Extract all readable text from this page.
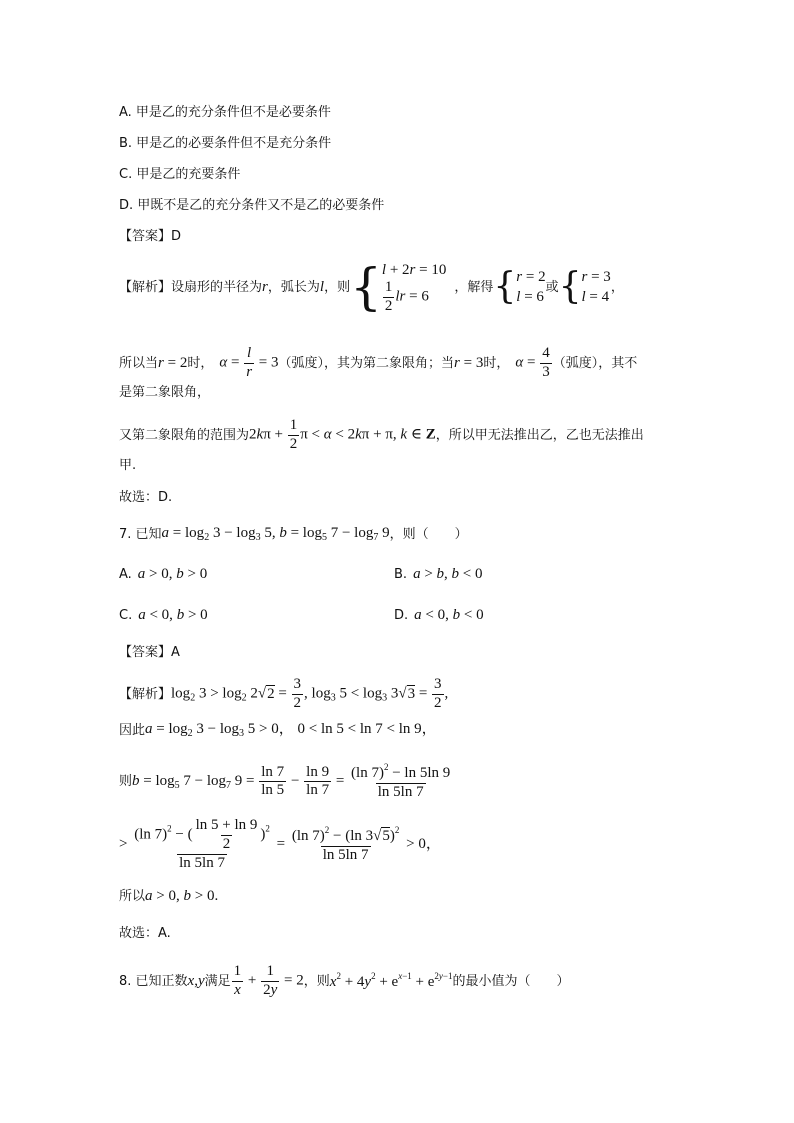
A. 甲是乙的充分条件但不是必要条件
B. 甲是乙的必要条件但不是充分条件
C. 甲是乙的充要条件
D. 甲既不是乙的充分条件又不是乙的必要条件
【答案】D
【解析】 设扇形的半径为 r ，弧长为 l ，则 { l + 2r = 10
$\frac{1}{2}$ lr = 6
，解得 { r = 2
l = 6
或 { r = 3
l = 4
，
所以当 r = 2 时， $\alpha = \frac{l}{r} = 3$ （弧度），其为第二象限角；当 r = 3 时， $\alpha = \frac{4}{3}$ （弧度），其不
是第二象限角，
又第二象限角的范围为 $2k\pi + \frac{1}{2}$ π < α < 2kπ + π, k ∈ Z ，所以甲无法推出乙，乙也无法推出
甲.
故选：D.
7. 已知 $a = \log_2 3 - \log_3 5$, $b = \log_5 7 - \log_7 9$ ，则（　　）
A. a > 0, b > 0	B. a > b, b < 0
C. a < 0, b > 0	D. a < 0, b < 0
【答案】A
【解析】 $\log_2 3 > \log_2 2√2 = \frac{3}{2}$ , $\log_3 5 < \log_3 3√3 = \frac{3}{2}$ ,
因此 $a = \log_2 3 - \log_3 5 > 0$， 0 < ln 5 < ln 7 < ln 9，
则 $b = \log_5 7 - \log_7 9 = \frac{\ln 7}{\ln 5} - \frac{\ln 9}{\ln 7} = \frac{(\ln 7)^2 - \ln 5\ln 9}{\ln 5\ln 7}$
> $\frac{(\ln 7)^2 - ( \frac{\ln 5 + \ln 9}{2} )^2}{\ln 5\ln 7} = \frac{(\ln 7)^2 - (\ln 3√5)^2}{\ln 5\ln 7} > 0$，
所以 a > 0, b > 0.
故选：A.
8. 已知正数 x , y 满足 $\frac{1}{x} + \frac{1}{2y} = 2$ ，则 $x^2 + 4y^2 + e^{x-1} + e^{2y-1}$ 的最小值为（　　）
